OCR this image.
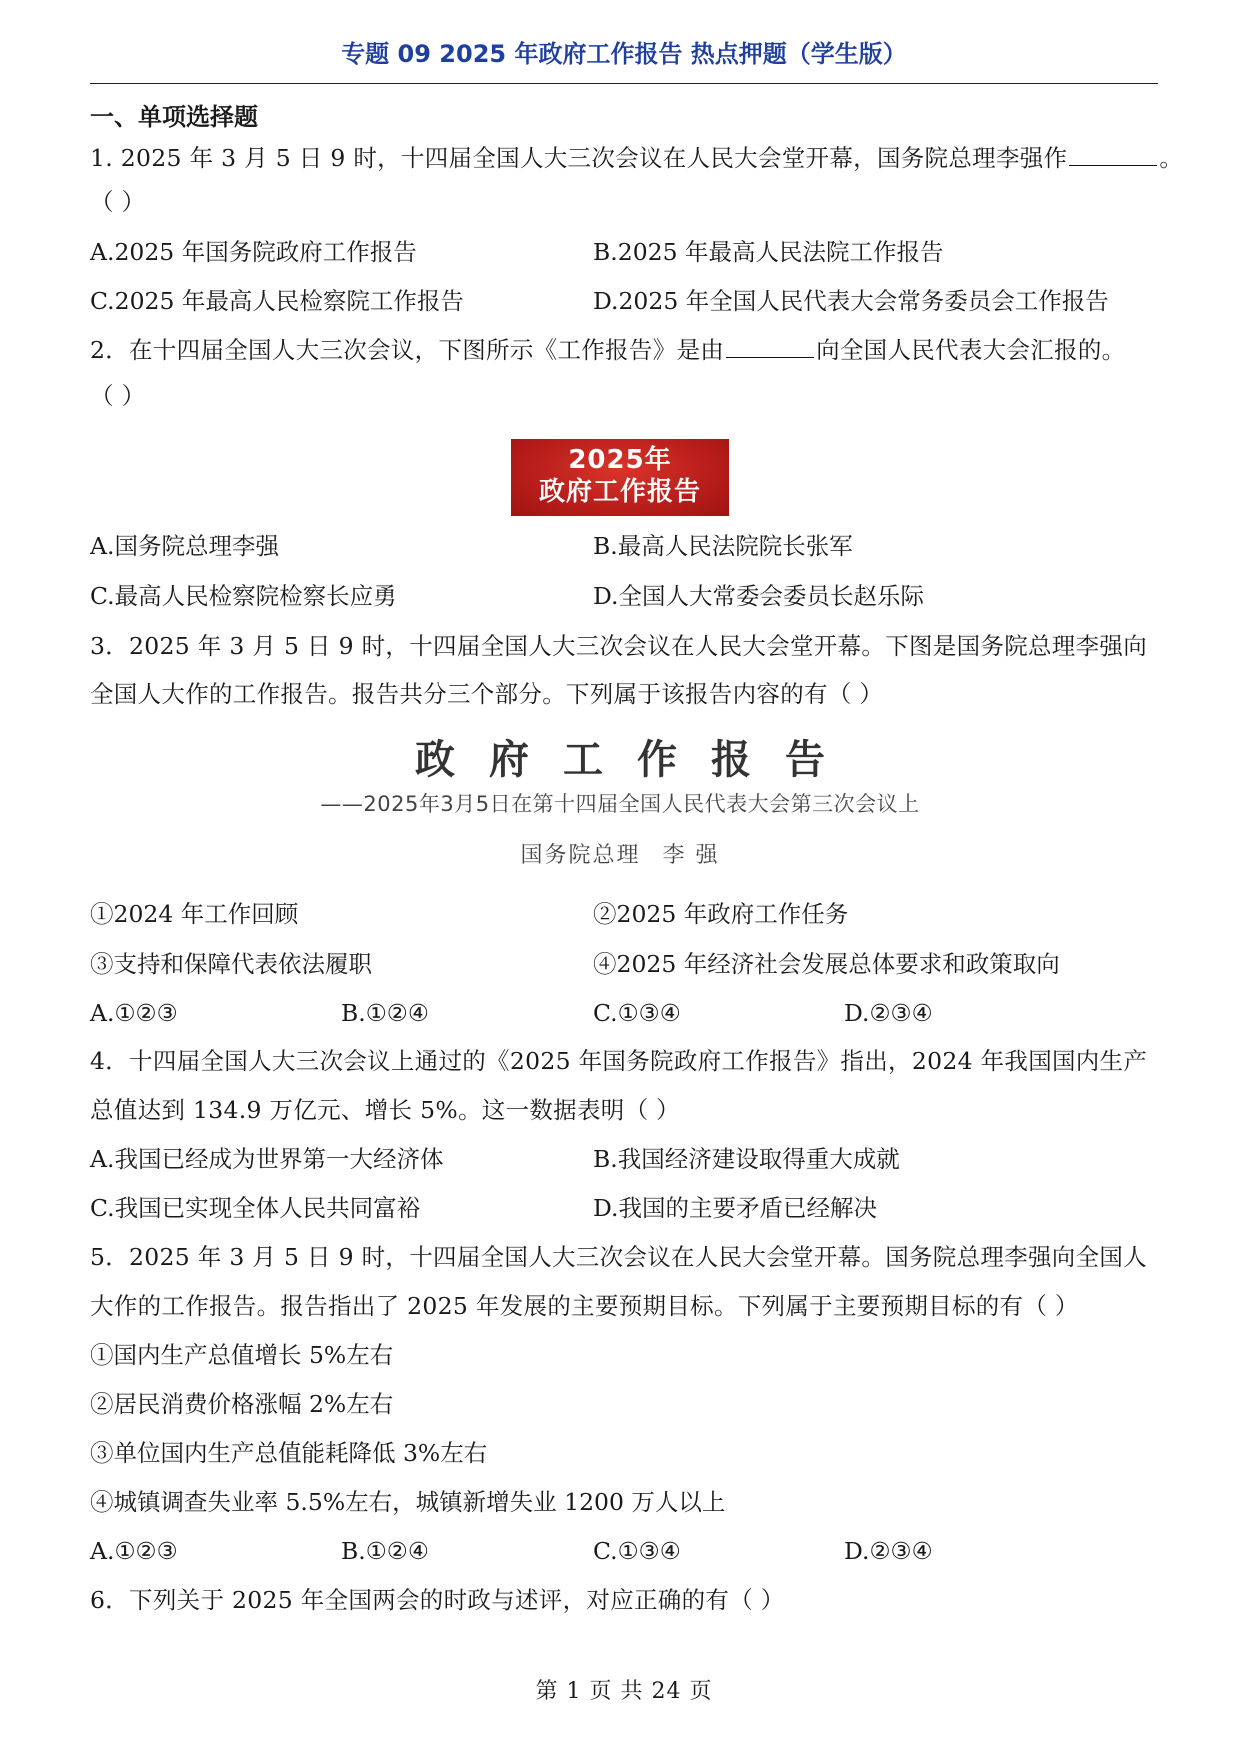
专题 09 2025 年政府工作报告 热点押题（学生版）
一、单项选择题
1. 2025 年 3 月 5 日 9 时，十四届全国人大三次会议在人民大会堂开幕，国务院总理李强作	。
（ ）
A.2025 年国务院政府工作报告	B.2025 年最高人民法院工作报告
C.2025 年最高人民检察院工作报告	D.2025 年全国人民代表大会常务委员会工作报告
2．在十四届全国人大三次会议，下图所示《工作报告》是由	向全国人民代表大会汇报的。
（ ）
2025年
政府工作报告
A.国务院总理李强	B.最高人民法院院长张军
C.最高人民检察院检察长应勇	D.全国人大常委会委员长赵乐际
3．2025 年 3 月 5 日 9 时，十四届全国人大三次会议在人民大会堂开幕。下图是国务院总理李强向
全国人大作的工作报告。报告共分三个部分。下列属于该报告内容的有（ ）
政府工作报告
——2025年3月5日在第十四届全国人民代表大会第三次会议上
国务院总理 李 强
①2024 年工作回顾	②2025 年政府工作任务
③支持和保障代表依法履职	④2025 年经济社会发展总体要求和政策取向
A.①②③	B.①②④	C.①③④	D.②③④
4．十四届全国人大三次会议上通过的《2025 年国务院政府工作报告》指出，2024 年我国国内生产
总值达到 134.9 万亿元、增长 5%。这一数据表明（ ）
A.我国已经成为世界第一大经济体	B.我国经济建设取得重大成就
C.我国已实现全体人民共同富裕	D.我国的主要矛盾已经解决
5．2025 年 3 月 5 日 9 时，十四届全国人大三次会议在人民大会堂开幕。国务院总理李强向全国人
大作的工作报告。报告指出了 2025 年发展的主要预期目标。下列属于主要预期目标的有（ ）
①国内生产总值增长 5%左右
②居民消费价格涨幅 2%左右
③单位国内生产总值能耗降低 3%左右
④城镇调查失业率 5.5%左右，城镇新增失业 1200 万人以上
A.①②③	B.①②④	C.①③④	D.②③④
6．下列关于 2025 年全国两会的时政与述评，对应正确的有（ ）
第 1 页 共 24 页
